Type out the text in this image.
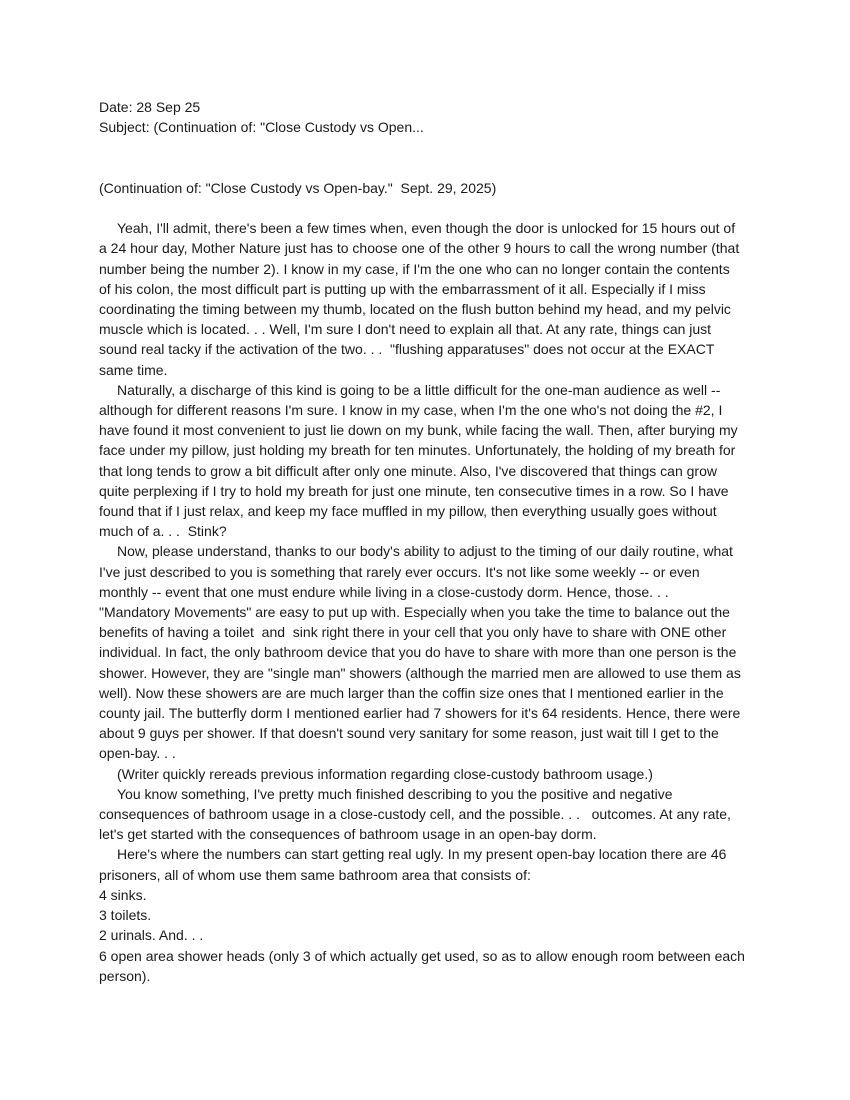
Date: 28 Sep 25

Subject: (Continuation of: "Close Custody vs Open...

(Continuation of: "Close Custody vs Open-bay."  Sept. 29, 2025)

Yeah, I'll admit, there's been a few times when, even though the door is unlocked for 15 hours out of a 24 hour day, Mother Nature just has to choose one of the other 9 hours to call the wrong number (that number being the number 2). I know in my case, if I'm the one who can no longer contain the contents of his colon, the most difficult part is putting up with the embarrassment of it all. Especially if I miss coordinating the timing between my thumb, located on the flush button behind my head, and my pelvic muscle which is located. . . Well, I'm sure I don't need to explain all that. At any rate, things can just sound real tacky if the activation of the two. . .  "flushing apparatuses" does not occur at the EXACT same time.

Naturally, a discharge of this kind is going to be a little difficult for the one-man audience as well -- although for different reasons I'm sure. I know in my case, when I'm the one who's not doing the #2, I have found it most convenient to just lie down on my bunk, while facing the wall. Then, after burying my face under my pillow, just holding my breath for ten minutes. Unfortunately, the holding of my breath for that long tends to grow a bit difficult after only one minute. Also, I've discovered that things can grow quite perplexing if I try to hold my breath for just one minute, ten consecutive times in a row. So I have found that if I just relax, and keep my face muffled in my pillow, then everything usually goes without much of a. . .  Stink?

Now, please understand, thanks to our body's ability to adjust to the timing of our daily routine, what I've just described to you is something that rarely ever occurs. It's not like some weekly -- or even monthly -- event that one must endure while living in a close-custody dorm. Hence, those. . .  "Mandatory Movements" are easy to put up with. Especially when you take the time to balance out the benefits of having a toilet  and  sink right there in your cell that you only have to share with ONE other individual. In fact, the only bathroom device that you do have to share with more than one person is the shower. However, they are "single man" showers (although the married men are allowed to use them as well). Now these showers are are much larger than the coffin size ones that I mentioned earlier in the county jail. The butterfly dorm I mentioned earlier had 7 showers for it's 64 residents. Hence, there were about 9 guys per shower. If that doesn't sound very sanitary for some reason, just wait till I get to the open-bay. . .

(Writer quickly rereads previous information regarding close-custody bathroom usage.)

You know something, I've pretty much finished describing to you the positive and negative consequences of bathroom usage in a close-custody cell, and the possible. . .   outcomes. At any rate, let's get started with the consequences of bathroom usage in an open-bay dorm.

Here's where the numbers can start getting real ugly. In my present open-bay location there are 46 prisoners, all of whom use them same bathroom area that consists of:

4 sinks.

3 toilets.

2 urinals. And. . .

6 open area shower heads (only 3 of which actually get used, so as to allow enough room between each person).
